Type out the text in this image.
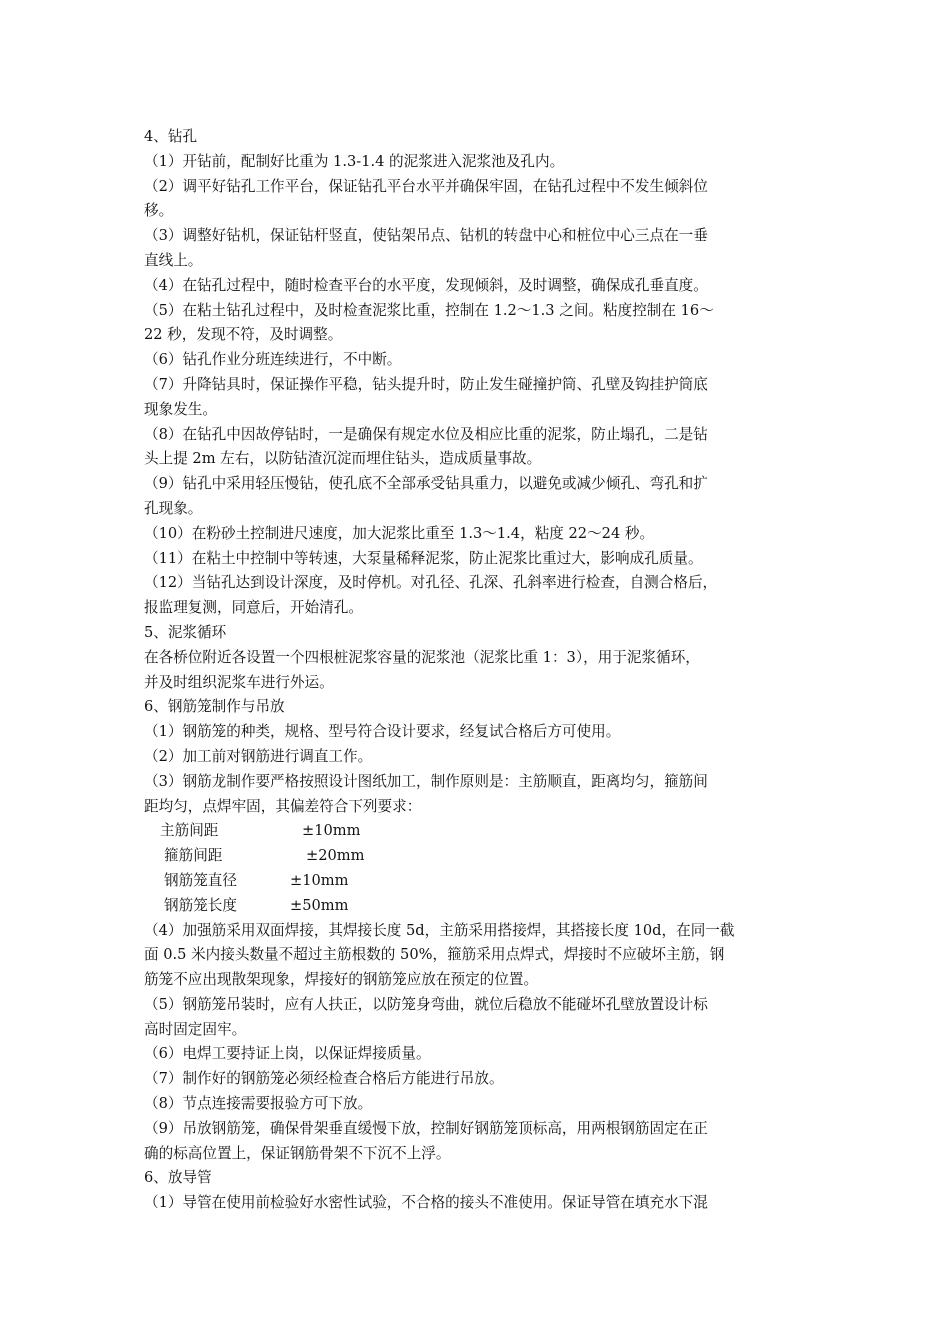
4、钻孔
（1）开钻前，配制好比重为 1.3-1.4 的泥浆进入泥浆池及孔内。
（2）调平好钻孔工作平台，保证钻孔平台水平并确保牢固，在钻孔过程中不发生倾斜位
移。
（3）调整好钻机，保证钻杆竖直，使钻架吊点、钻机的转盘中心和桩位中心三点在一垂
直线上。
（4）在钻孔过程中，随时检查平台的水平度，发现倾斜，及时调整，确保成孔垂直度。
（5）在粘土钻孔过程中，及时检查泥浆比重，控制在 1.2～1.3 之间。粘度控制在 16～
22 秒，发现不符，及时调整。
（6）钻孔作业分班连续进行，不中断。
（7）升降钻具时，保证操作平稳，钻头提升时，防止发生碰撞护筒、孔壁及钩挂护筒底
现象发生。
（8）在钻孔中因故停钻时，一是确保有规定水位及相应比重的泥浆，防止塌孔，二是钻
头上提 2m 左右，以防钻渣沉淀而埋住钻头，造成质量事故。
（9）钻孔中采用轻压慢钻，使孔底不全部承受钻具重力，以避免或减少倾孔、弯孔和扩
孔现象。
（10）在粉砂土控制进尺速度，加大泥浆比重至 1.3～1.4，粘度 22～24 秒。
（11）在粘土中控制中等转速，大泵量稀释泥浆，防止泥浆比重过大，影响成孔质量。
（12）当钻孔达到设计深度，及时停机。对孔径、孔深、孔斜率进行检查，自测合格后，
报监理复测，同意后，开始清孔。
5、泥浆循环
在各桥位附近各设置一个四根桩泥浆容量的泥浆池（泥浆比重 1：3），用于泥浆循环，
并及时组织泥浆车进行外运。
6、钢筋笼制作与吊放
（1）钢筋笼的种类，规格、型号符合设计要求，经复试合格后方可使用。
（2）加工前对钢筋进行调直工作。
（3）钢筋龙制作要严格按照设计图纸加工，制作原则是：主筋顺直，距离均匀，箍筋间
距均匀，点焊牢固，其偏差符合下列要求：
主筋间距	±10mm
箍筋间距	±20mm
钢筋笼直径	±10mm
钢筋笼长度	±50mm
（4）加强筋采用双面焊接，其焊接长度 5d，主筋采用搭接焊，其搭接长度 10d，在同一截
面 0.5 米内接头数量不超过主筋根数的 50%，箍筋采用点焊式，焊接时不应破坏主筋，钢
筋笼不应出现散架现象，焊接好的钢筋笼应放在预定的位置。
（5）钢筋笼吊装时，应有人扶正，以防笼身弯曲，就位后稳放不能碰坏孔壁放置设计标
高时固定固牢。
（6）电焊工要持证上岗，以保证焊接质量。
（7）制作好的钢筋笼必须经检查合格后方能进行吊放。
（8）节点连接需要报验方可下放。
（9）吊放钢筋笼，确保骨架垂直缓慢下放，控制好钢筋笼顶标高，用两根钢筋固定在正
确的标高位置上，保证钢筋骨架不下沉不上浮。
6、放导管
（1）导管在使用前检验好水密性试验，不合格的接头不准使用。保证导管在填充水下混
